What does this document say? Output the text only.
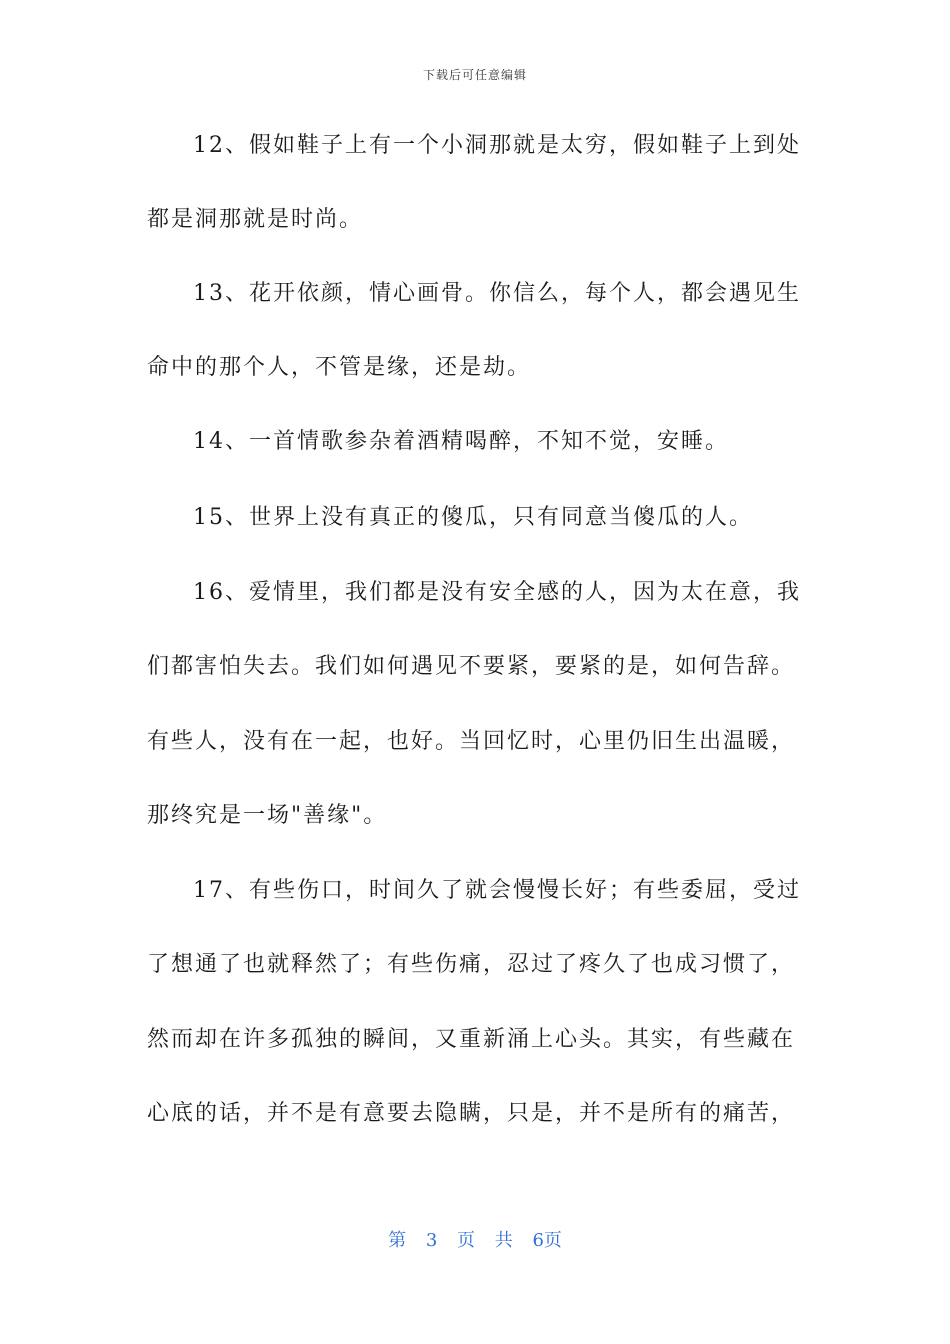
下载后可任意编辑
12、假如鞋子上有一个小洞那就是太穷，假如鞋子上到处
都是洞那就是时尚。
13、花开依颜，情心画骨。你信么，每个人，都会遇见生
命中的那个人，不管是缘，还是劫。
14、一首情歌参杂着酒精喝醉，不知不觉，安睡。
15、世界上没有真正的傻瓜，只有同意当傻瓜的人。
16、爱情里，我们都是没有安全感的人，因为太在意，我
们都害怕失去。我们如何遇见不要紧，要紧的是，如何告辞。
有些人，没有在一起，也好。当回忆时，心里仍旧生出温暖，
那终究是一场"善缘"。
17、有些伤口，时间久了就会慢慢长好；有些委屈，受过
了想通了也就释然了；有些伤痛，忍过了疼久了也成习惯了，
然而却在许多孤独的瞬间，又重新涌上心头。其实，有些藏在
心底的话，并不是有意要去隐瞒，只是，并不是所有的痛苦，
第 3 页 共 6页
